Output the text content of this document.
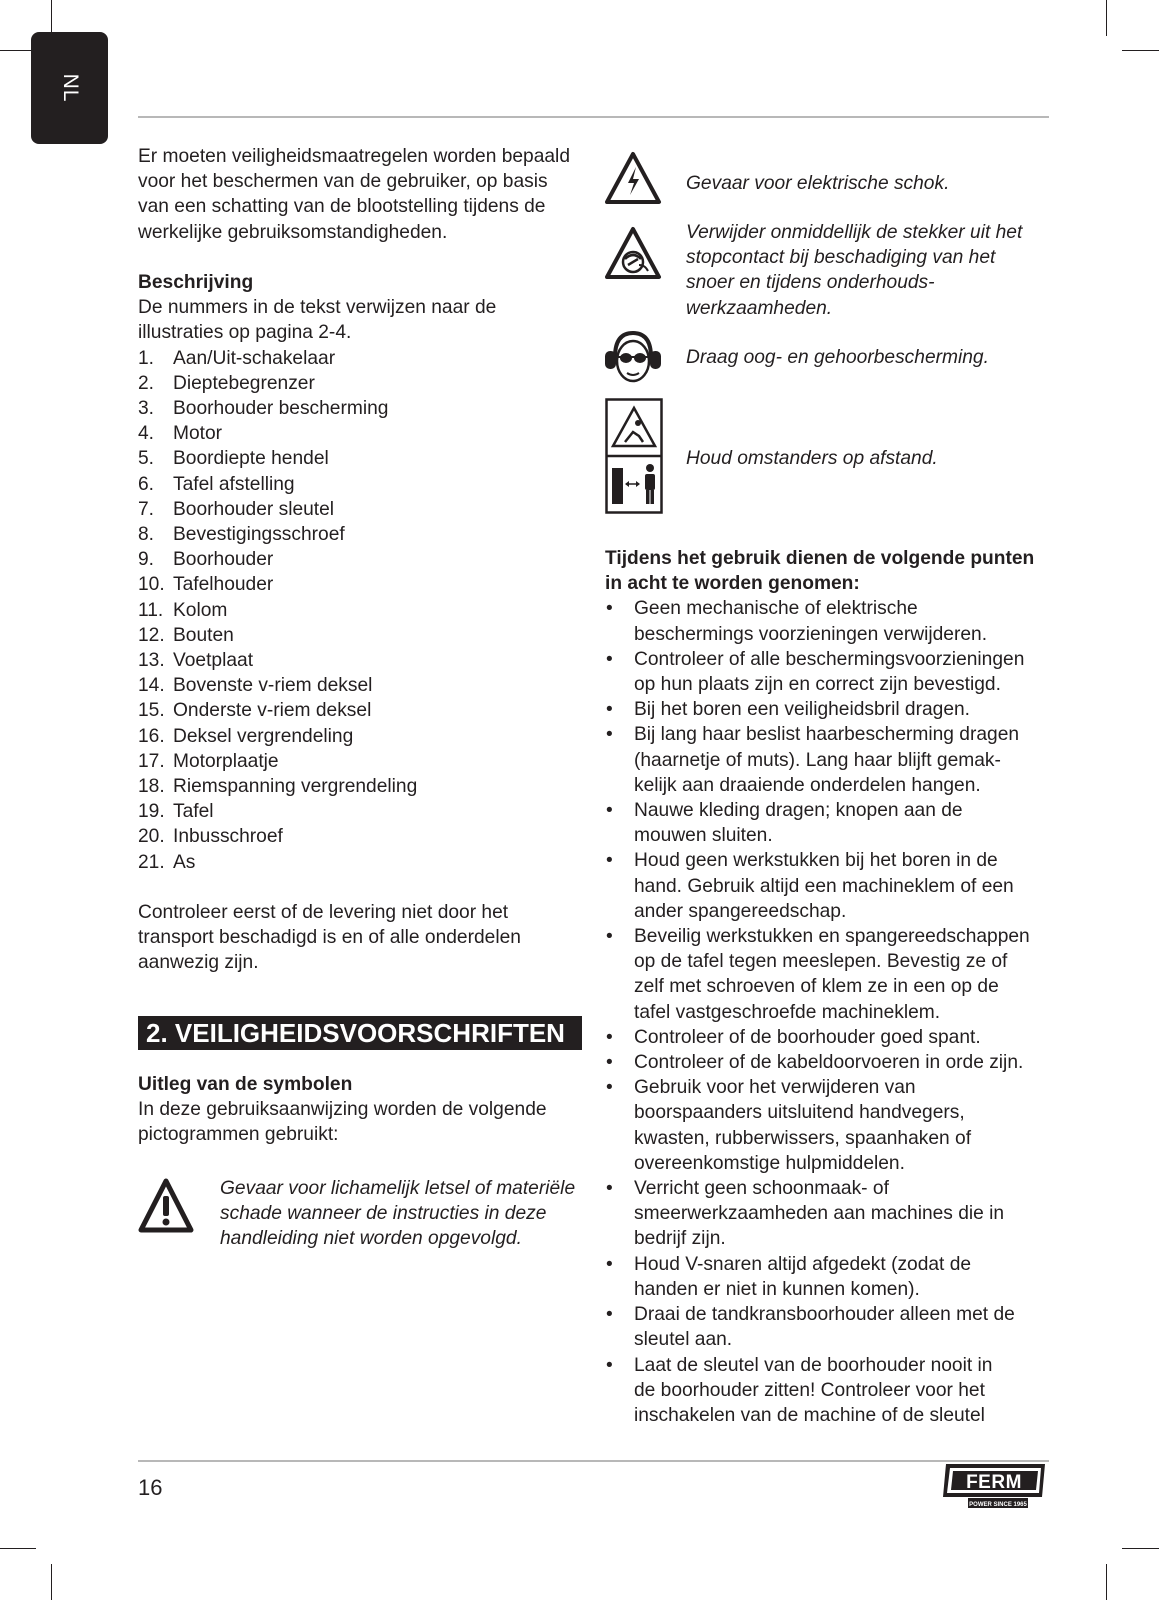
NL

Er moeten veiligheidsmaatregelen worden bepaald
voor het beschermen van de gebruiker, op basis
van een schatting van de blootstelling tijdens de
werkelijke gebruiksomstandigheden.

Beschrijving

De nummers in de tekst verwijzen naar de
illustraties op pagina 2-4.

1. Aan/Uit-schakelaar
2. Dieptebegrenzer
3. Boorhouder bescherming
4. Motor
5. Boordiepte hendel
6. Tafel afstelling
7. Boorhouder sleutel
8. Bevestigingsschroef
9. Boorhouder
10. Tafelhouder
11. Kolom
12. Bouten
13. Voetplaat
14. Bovenste v-riem deksel
15. Onderste v-riem deksel
16. Deksel vergrendeling
17. Motorplaatje
18. Riemspanning vergrendeling
19. Tafel
20. Inbusschroef
21. As

Controleer eerst of de levering niet door het
transport beschadigd is en of alle onderdelen
aanwezig zijn.

2. VEILIGHEIDSVOORSCHRIFTEN

Uitleg van de symbolen

In deze gebruiksaanwijzing worden de volgende
pictogrammen gebruikt:

Gevaar voor lichamelijk letsel of materiële
schade wanneer de instructies in deze
handleiding niet worden opgevolgd.
Gevaar voor elektrische schok.
Verwijder onmiddellijk de stekker uit het
stopcontact bij beschadiging van het
snoer en tijdens onderhouds-
werkzaamheden.
Draag oog- en gehoorbescherming.
Houd omstanders op afstand.

Tijdens het gebruik dienen de volgende punten
in acht te worden genomen:

•	Geen mechanische of elektrische
beschermings voorzieningen verwijderen.
•	Controleer of alle beschermingsvoorzieningen
op hun plaats zijn en correct zijn bevestigd.
•	Bij het boren een veiligheidsbril dragen.
•	Bij lang haar beslist haarbescherming dragen
(haarnetje of muts). Lang haar blijft gemak-
kelijk aan draaiende onderdelen hangen.
•	Nauwe kleding dragen; knopen aan de
mouwen sluiten.
•	Houd geen werkstukken bij het boren in de
hand. Gebruik altijd een machineklem of een
ander spangereedschap.
•	Beveilig werkstukken en spangereedschappen
op de tafel tegen meeslepen. Bevestig ze of
zelf met schroeven of klem ze in een op de
tafel vastgeschroefde machineklem.
•	Controleer of de boorhouder goed spant.
•	Controleer of de kabeldoorvoeren in orde zijn.
•	Gebruik voor het verwijderen van
boorspaanders uitsluitend handvegers,
kwasten, rubberwissers, spaanhaken of
overeenkomstige hulpmiddelen.
•	Verricht geen schoonmaak- of
smeerwerkzaamheden aan machines die in
bedrijf zijn.
•	Houd V-snaren altijd afgedekt (zodat de
handen er niet in kunnen komen).
•	Draai de tandkransboorhouder alleen met de
sleutel aan.
•	Laat de sleutel van de boorhouder nooit in
de boorhouder zitten! Controleer voor het
inschakelen van de machine of de sleutel
16	FERM
POWER SINCE 1965
